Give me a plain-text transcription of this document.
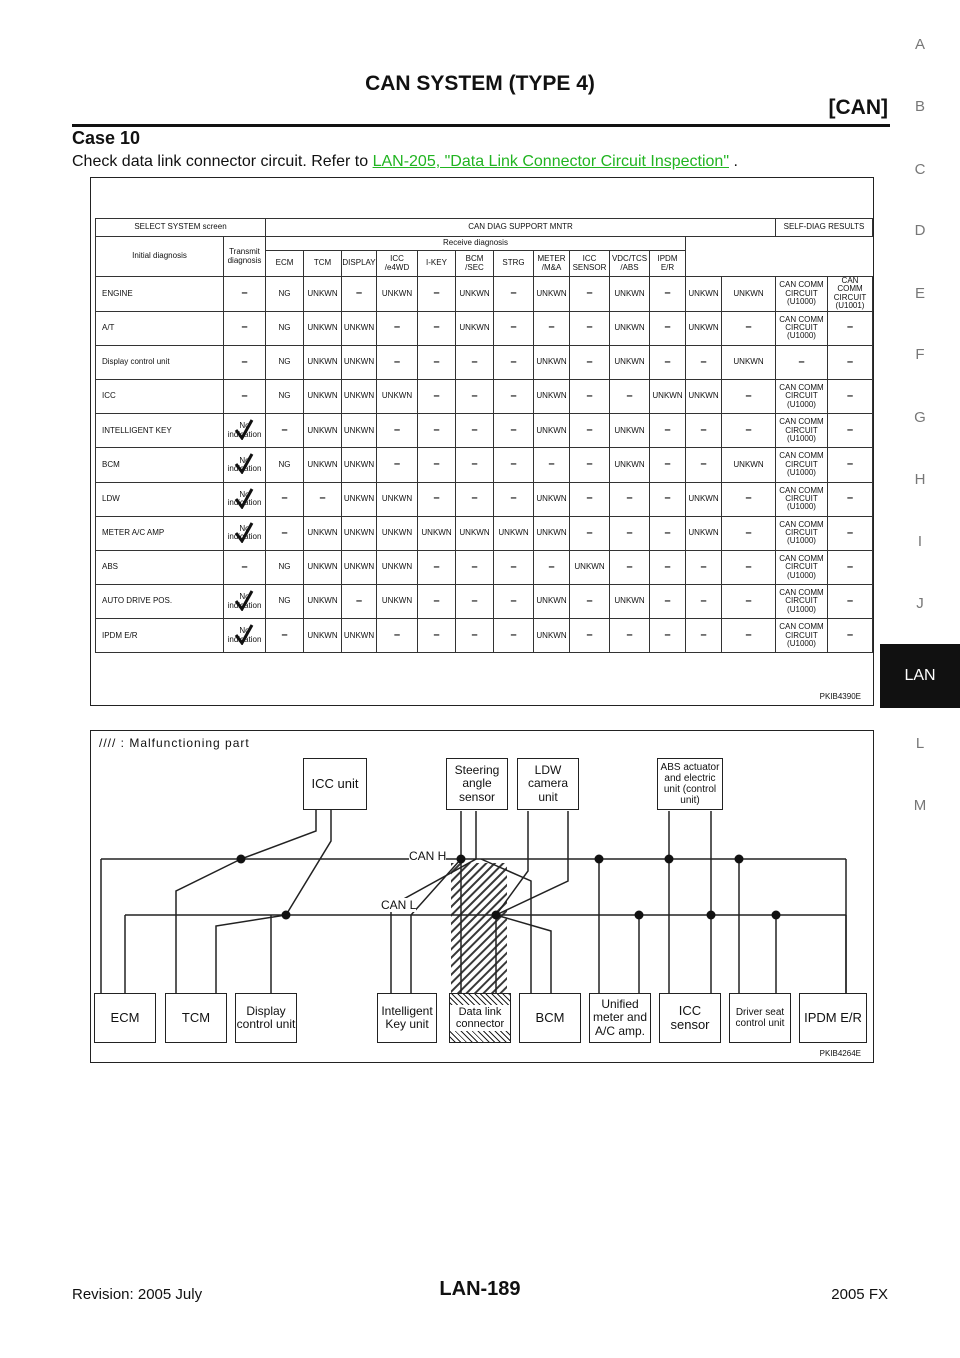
CAN SYSTEM (TYPE 4)
[CAN]
Case 10
Check data link connector circuit. Refer to LAN-205, "Data Link Connector Circuit Inspection" .
A
B
C
D
E
F
G
H
I
J
LAN
L
M
SELECT SYSTEM screen		CAN DIAG SUPPORT MNTR													SELF-DIAG RESULTS	
Initial diagnosis	Transmit diagnosis	Receive diagnosis														
		ECM	TCM	DISPLAY	ICC /e4WD	I-KEY	BCM /SEC	STRG	METER /M&A	ICC SENSOR	VDC/TCS /ABS	IPDM E/R				
ENGINE	–	NG	UNKWN	–	UNKWN	–	UNKWN	–	UNKWN	–	UNKWN	–	UNKWN	UNKWN	CAN COMM CIRCUIT (U1000)	CAN COMM CIRCUIT (U1001)
A/T	–	NG	UNKWN	UNKWN	–	–	UNKWN	–	–	–	UNKWN	–	UNKWN	–	CAN COMM CIRCUIT (U1000)	–
Display control unit	–	NG	UNKWN	UNKWN	–	–	–	–	UNKWN	–	UNKWN	–	–	UNKWN	–	–
ICC	–	NG	UNKWN	UNKWN	UNKWN	–	–	–	UNKWN	–	–	UNKWN	UNKWN	–	CAN COMM CIRCUIT (U1000)	–
INTELLIGENT KEY	No indication	–	UNKWN	UNKWN	–	–	–	–	UNKWN	–	UNKWN	–	–	–	CAN COMM CIRCUIT (U1000)	–
BCM	No indication	NG	UNKWN	UNKWN	–	–	–	–	–	–	UNKWN	–	–	UNKWN	CAN COMM CIRCUIT (U1000)	–
LDW	No indication	–	–	UNKWN	UNKWN	–	–	–	UNKWN	–	–	–	UNKWN	–	CAN COMM CIRCUIT (U1000)	–
METER A/C AMP	No indication	–	UNKWN	UNKWN	UNKWN	UNKWN	UNKWN	UNKWN	UNKWN	–	–	–	UNKWN	–	CAN COMM CIRCUIT (U1000)	–
ABS	–	NG	UNKWN	UNKWN	UNKWN	–	–	–	–	UNKWN	–	–	–	–	CAN COMM CIRCUIT (U1000)	–
AUTO DRIVE POS.	No indication	NG	UNKWN	–	UNKWN	–	–	–	UNKWN	–	UNKWN	–	–	–	CAN COMM CIRCUIT (U1000)	–
IPDM E/R	No indication	–	UNKWN	UNKWN	–	–	–	–	UNKWN	–	–	–	–	–	CAN COMM CIRCUIT (U1000)	–
PKIB4390E
//// : Malfunctioning part
CAN H
CAN L
ICC unit
Steering angle sensor
LDW camera unit
ABS actuator and electric unit (control unit)
ECM	TCM	Display control unit
Intelligent Key unit
Data link connector	BCM
Unified meter and A/C amp.
ICC sensor
Driver seat control unit	IPDM E/R
PKIB4264E
Revision: 2005 July	LAN-189	2005 FX
